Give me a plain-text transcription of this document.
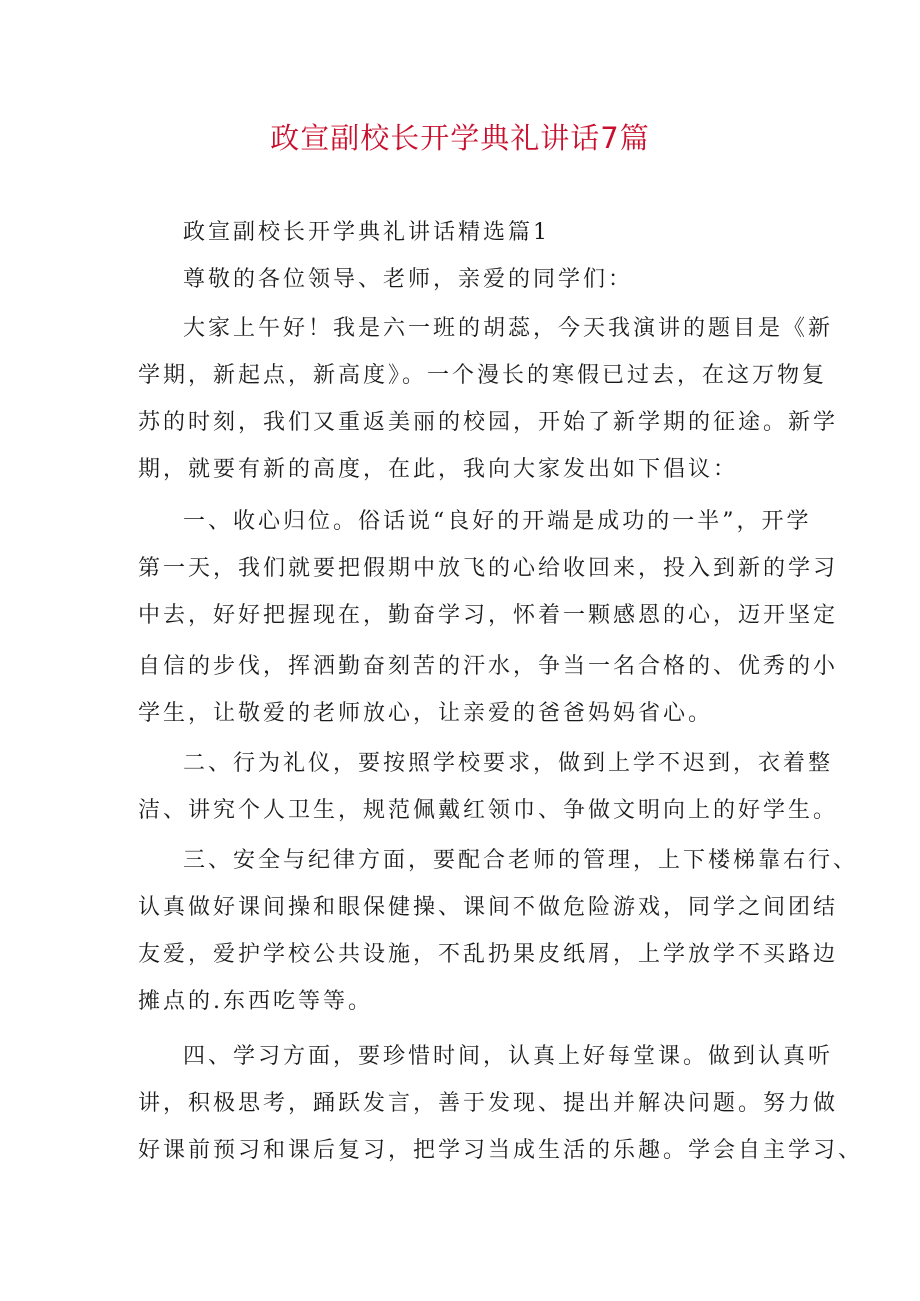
政宣副校长开学典礼讲话7篇

政宣副校长开学典礼讲话精选篇1

尊敬的各位领导、老师，亲爱的同学们：

大家上午好！我是六一班的胡蕊，今天我演讲的题目是《新

学期，新起点，新高度》。一个漫长的寒假已过去，在这万物复

苏的时刻，我们又重返美丽的校园，开始了新学期的征途。新学

期，就要有新的高度，在此，我向大家发出如下倡议：

一、收心归位。俗话说“良好的开端是成功的一半”，开学

第一天，我们就要把假期中放飞的心给收回来，投入到新的学习

中去，好好把握现在，勤奋学习，怀着一颗感恩的心，迈开坚定

自信的步伐，挥洒勤奋刻苦的汗水，争当一名合格的、优秀的小

学生，让敬爱的老师放心，让亲爱的爸爸妈妈省心。

二、行为礼仪，要按照学校要求，做到上学不迟到，衣着整

洁、讲究个人卫生，规范佩戴红领巾、争做文明向上的好学生。

三、安全与纪律方面，要配合老师的管理，上下楼梯靠右行、

认真做好课间操和眼保健操、课间不做危险游戏，同学之间团结

友爱，爱护学校公共设施，不乱扔果皮纸屑，上学放学不买路边

摊点的.东西吃等等。

四、学习方面，要珍惜时间，认真上好每堂课。做到认真听

讲，积极思考，踊跃发言，善于发现、提出并解决问题。努力做

好课前预习和课后复习，把学习当成生活的乐趣。学会自主学习、
